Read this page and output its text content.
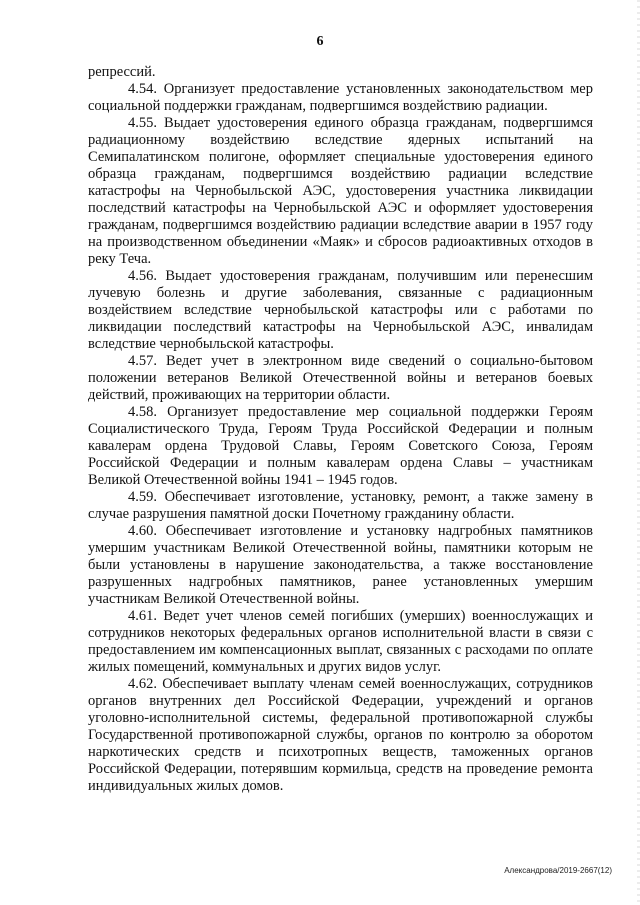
6

репрессий.

4.54. Организует предоставление установленных законодательством мер социальной поддержки гражданам, подвергшимся воздействию радиации.

4.55. Выдает удостоверения единого образца гражданам, подвергшимся радиационному воздействию вследствие ядерных испытаний на Семипалатинском полигоне, оформляет специальные удостоверения единого образца гражданам, подвергшимся воздействию радиации вследствие катастрофы на Чернобыльской АЭС, удостоверения участника ликвидации последствий катастрофы на Чернобыльской АЭС и оформляет удостоверения гражданам, подвергшимся воздействию радиации вследствие аварии в 1957 году на производственном объединении «Маяк» и сбросов радиоактивных отходов в реку Теча.

4.56. Выдает удостоверения гражданам, получившим или перенесшим лучевую болезнь и другие заболевания, связанные с радиационным воздействием вследствие чернобыльской катастрофы или с работами по ликвидации последствий катастрофы на Чернобыльской АЭС, инвалидам вследствие чернобыльской катастрофы.

4.57. Ведет учет в электронном виде сведений о социально-бытовом положении ветеранов Великой Отечественной войны и ветеранов боевых действий, проживающих на территории области.

4.58. Организует предоставление мер социальной поддержки Героям Социалистического Труда, Героям Труда Российской Федерации и полным кавалерам ордена Трудовой Славы, Героям Советского Союза, Героям Российской Федерации и полным кавалерам ордена Славы – участникам Великой Отечественной войны 1941 – 1945 годов.

4.59. Обеспечивает изготовление, установку, ремонт, а также замену в случае разрушения памятной доски Почетному гражданину области.

4.60. Обеспечивает изготовление и установку надгробных памятников умершим участникам Великой Отечественной войны, памятники которым не были установлены в нарушение законодательства, а также восстановление разрушенных надгробных памятников, ранее установленных умершим участникам Великой Отечественной войны.

4.61. Ведет учет членов семей погибших (умерших) военнослужащих и сотрудников некоторых федеральных органов исполнительной власти в связи с предоставлением им компенсационных выплат, связанных с расходами по оплате жилых помещений, коммунальных и других видов услуг.

4.62. Обеспечивает выплату членам семей военнослужащих, сотрудников органов внутренних дел Российской Федерации, учреждений и органов уголовно-исполнительной системы, федеральной противопожарной службы Государственной противопожарной службы, органов по контролю за оборотом наркотических средств и психотропных веществ, таможенных органов Российской Федерации, потерявшим кормильца, средств на проведение ремонта индивидуальных жилых домов.

Александрова/2019-2667(12)
